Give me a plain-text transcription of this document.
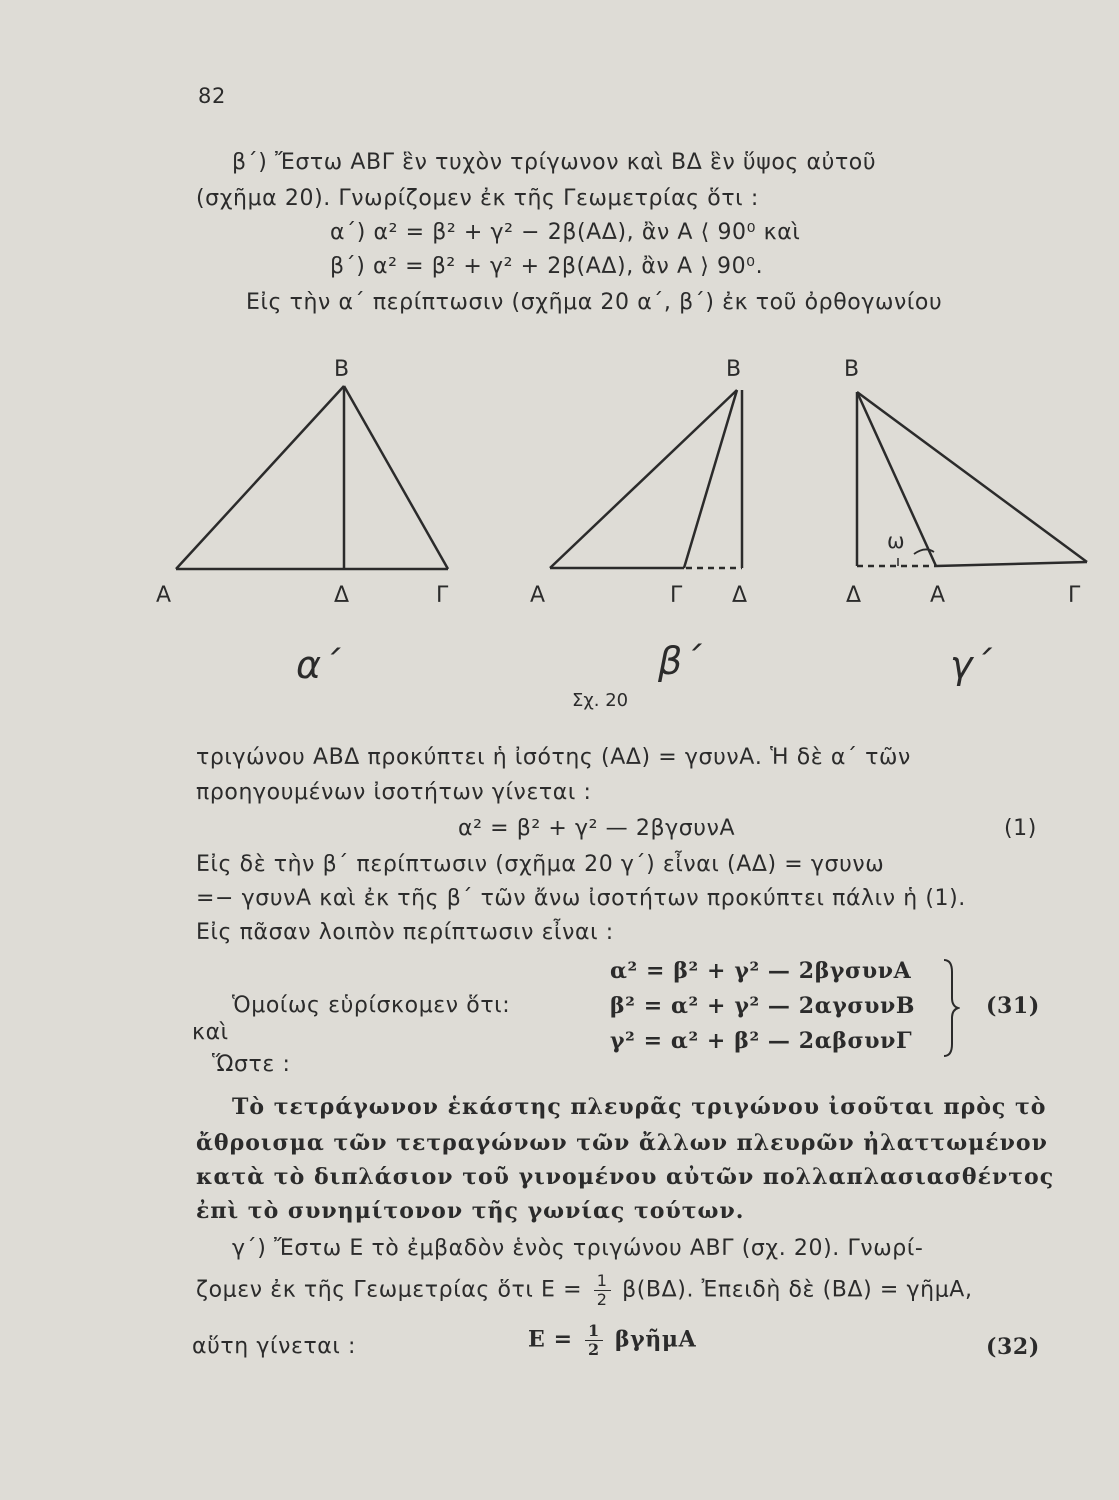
82
β΄) Ἔστω ΑΒΓ ἓν τυχὸν τρίγωνον καὶ ΒΔ ἓν ὕψος αὐτοῦ
(σχῆμα 20). Γνωρίζομεν ἐκ τῆς Γεωμετρίας ὅτι :
α΄) α² = β² + γ² − 2β(ΑΔ), ἂν Α ⟨ 90⁰ καὶ
β΄) α² = β² + γ² + 2β(ΑΔ), ἂν Α ⟩ 90⁰.
Εἰς τὴν α΄ περίπτωσιν (σχῆμα 20 α΄, β΄) ἐκ τοῦ ὀρθογωνίου
Β
Α	Δ	Γ
Β
Α	Γ Δ
Β
Δ	Α	Γ
ω
α΄	β΄	γ΄
Σχ. 20
τριγώνου ΑΒΔ προκύπτει ἡ ἰσότης (ΑΔ) = γσυνΑ. Ἡ δὲ α΄ τῶν
προηγουμένων ἰσοτήτων γίνεται :
α² = β² + γ² — 2βγσυνΑ	(1)
Εἰς δὲ τὴν β΄ περίπτωσιν (σχῆμα 20 γ΄) εἶναι (ΑΔ) = γσυνω
=− γσυνΑ καὶ ἐκ τῆς β΄ τῶν ἄνω ἰσοτήτων προκύπτει πάλιν ἡ (1).
Εἰς πᾶσαν λοιπὸν περίπτωσιν εἶναι :
α² = β² + γ² — 2βγσυνΑ
β² = α² + γ² — 2αγσυνΒ
γ² = α² + β² — 2αβσυνΓ
Ὁμοίως εὑρίσκομεν ὅτι:
καὶ
Ὥστε :
(31)
Τὸ τετράγωνον ἑκάστης πλευρᾶς τριγώνου ἰσοῦται πρὸς τὸ
ἄθροισμα τῶν τετραγώνων τῶν ἄλλων πλευρῶν ἠλαττωμένον
κατὰ τὸ διπλάσιον τοῦ γινομένου αὐτῶν πολλαπλασιασθέντος
ἐπὶ τὸ συνημίτονον τῆς γωνίας τούτων.
γ΄) Ἔστω Ε τὸ ἐμβαδὸν ἑνὸς τριγώνου ΑΒΓ (σχ. 20). Γνωρί-
ζομεν ἐκ τῆς Γεωμετρίας ὅτι $E = \frac{1}{2} \beta(B\Delta)$. Ἐπειδὴ δὲ (ΒΔ) = γῆμΑ,
αὕτη γίνεται :	$E = \frac{1}{2}$ βγῆμΑ	(32)
